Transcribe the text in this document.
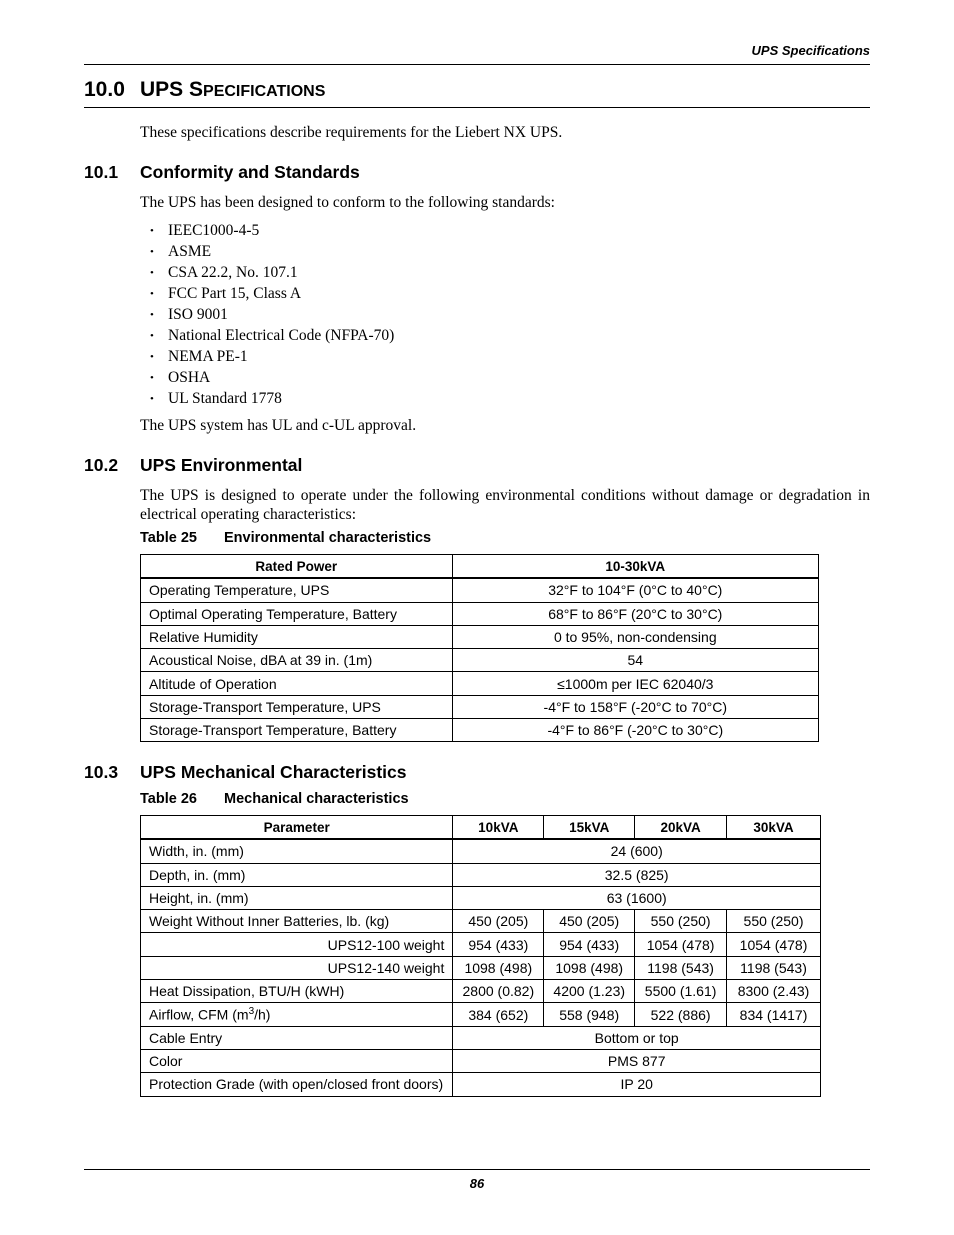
UPS Specifications
10.0 UPS SPECIFICATIONS

These specifications describe requirements for the Liebert NX UPS.

10.1 Conformity and Standards

The UPS has been designed to conform to the following standards:

• IEEC1000-4-5
• ASME
• CSA 22.2, No. 107.1
• FCC Part 15, Class A
• ISO 9001
• National Electrical Code (NFPA-70)
• NEMA PE-1
• OSHA
• UL Standard 1778

The UPS system has UL and c-UL approval.

10.2 UPS Environmental

The UPS is designed to operate under the following environmental conditions without damage or degradation in electrical operating characteristics:

Table 25 Environmental characteristics

Rated Power	10-30kVA
Operating Temperature, UPS	32°F to 104°F (0°C to 40°C)
Optimal Operating Temperature, Battery	68°F to 86°F (20°C to 30°C)
Relative Humidity	0 to 95%, non-condensing
Acoustical Noise, dBA at 39 in. (1m)	54
Altitude of Operation	≤1000m per IEC 62040/3
Storage-Transport Temperature, UPS	-4°F to 158°F (-20°C to 70°C)
Storage-Transport Temperature, Battery	-4°F to 86°F (-20°C to 30°C)
10.3 UPS Mechanical Characteristics

Table 26 Mechanical characteristics

Parameter	10kVA	15kVA	20kVA	30kVA
Width, in. (mm)	24 (600)			
Depth, in. (mm)	32.5 (825)			
Height, in. (mm)	63 (1600)			
Weight Without Inner Batteries, lb. (kg)	450 (205)	450 (205)	550 (250)	550 (250)
UPS12-100 weight	954 (433)	954 (433)	1054 (478)	1054 (478)
UPS12-140 weight	1098 (498)	1098 (498)	1198 (543)	1198 (543)
Heat Dissipation, BTU/H (kWH)	2800 (0.82)	4200 (1.23)	5500 (1.61)	8300 (2.43)
Airflow, CFM $(m^3/h)$	384 (652)	558 (948)	522 (886)	834 (1417)
Cable Entry	Bottom or top			
Color	PMS 877			
Protection Grade (with open/closed front doors)	IP 20			
86
